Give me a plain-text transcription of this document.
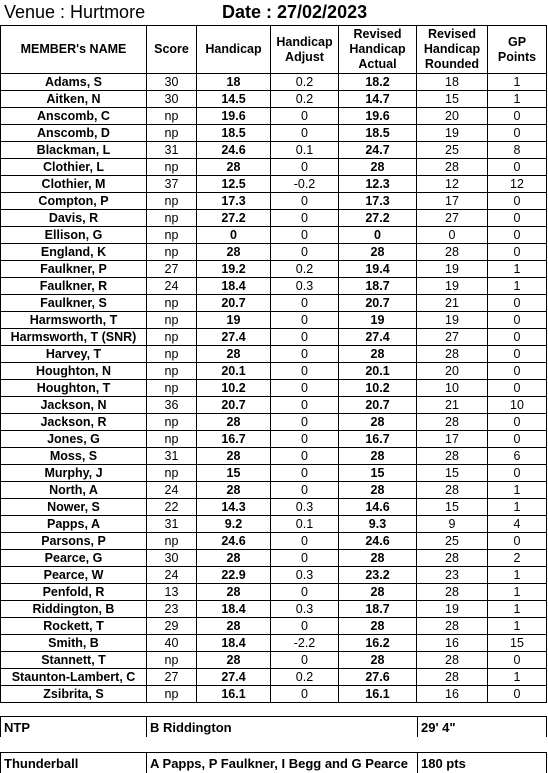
Venue : Hurtmore	Date : 27/02/2023
MEMBER's NAME	Score	Handicap	Handicap Adjust	Revised Handicap Actual	Revised Handicap Rounded	GP Points
Adams, S	30	18	0.2	18.2	18	1
Aitken, N	30	14.5	0.2	14.7	15	1
Anscomb, C	np	19.6	0	19.6	20	0
Anscomb, D	np	18.5	0	18.5	19	0
Blackman, L	31	24.6	0.1	24.7	25	8
Clothier, L	np	28	0	28	28	0
Clothier, M	37	12.5	-0.2	12.3	12	12
Compton, P	np	17.3	0	17.3	17	0
Davis, R	np	27.2	0	27.2	27	0
Ellison, G	np	0	0	0	0	0
England, K	np	28	0	28	28	0
Faulkner, P	27	19.2	0.2	19.4	19	1
Faulkner, R	24	18.4	0.3	18.7	19	1
Faulkner, S	np	20.7	0	20.7	21	0
Harmsworth, T	np	19	0	19	19	0
Harmsworth, T (SNR)	np	27.4	0	27.4	27	0
Harvey, T	np	28	0	28	28	0
Houghton, N	np	20.1	0	20.1	20	0
Houghton, T	np	10.2	0	10.2	10	0
Jackson, N	36	20.7	0	20.7	21	10
Jackson, R	np	28	0	28	28	0
Jones, G	np	16.7	0	16.7	17	0
Moss, S	31	28	0	28	28	6
Murphy, J	np	15	0	15	15	0
North, A	24	28	0	28	28	1
Nower, S	22	14.3	0.3	14.6	15	1
Papps, A	31	9.2	0.1	9.3	9	4
Parsons, P	np	24.6	0	24.6	25	0
Pearce, G	30	28	0	28	28	2
Pearce, W	24	22.9	0.3	23.2	23	1
Penfold, R	13	28	0	28	28	1
Riddington, B	23	18.4	0.3	18.7	19	1
Rockett, T	29	28	0	28	28	1
Smith, B	40	18.4	-2.2	16.2	16	15
Stannett, T	np	28	0	28	28	0
Staunton-Lambert, C	27	27.4	0.2	27.6	28	1
Zsibrita, S	np	16.1	0	16.1	16	0
NTP	B Riddington	29' 4"
Thunderball	A Papps, P Faulkner, I Begg and G Pearce	180 pts
